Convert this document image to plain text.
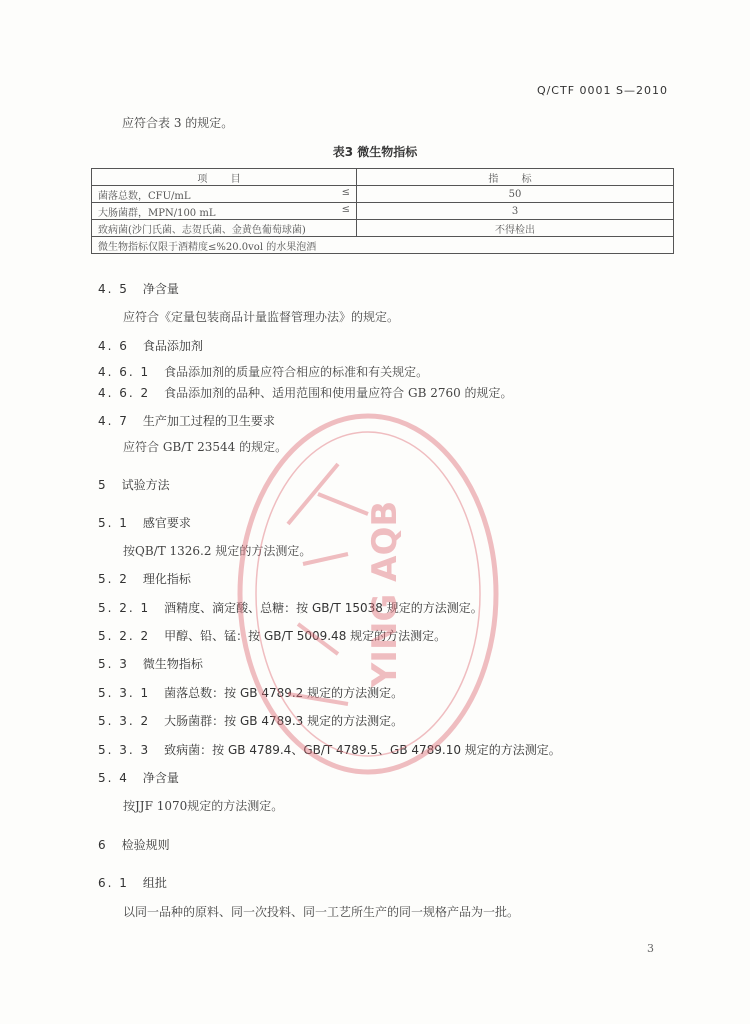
Q/CTF 0001 S—2010
应符合表 3 的规定。
表3 微生物指标
项 目	指 标

菌落总数，CFU/mL ≤	50

大肠菌群，MPN/100 mL ≤	3

致病菌(沙门氏菌、志贺氏菌、金黄色葡萄球菌)	不得检出
微生物指标仅限于酒精度≤%20.0vol 的水果泡酒	
4. 5 净含量
应符合《定量包装商品计量监督管理办法》的规定。
4. 6 食品添加剂
4. 6. 1 食品添加剂的质量应符合相应的标准和有关规定。
4. 6. 2 食品添加剂的品种、适用范围和使用量应符合 GB 2760 的规定。
4. 7 生产加工过程的卫生要求
应符合 GB/T 23544 的规定。
5 试验方法
5. 1 感官要求
按QB/T 1326.2 规定的方法测定。
5. 2 理化指标
5. 2. 1 酒精度、滴定酸、总糖：按 GB/T 15038 规定的方法测定。
5. 2. 2 甲醇、铅、锰：按 GB/T 5009.48 规定的方法测定。
5. 3 微生物指标
5. 3. 1 菌落总数：按 GB 4789.2 规定的方法测定。
5. 3. 2 大肠菌群：按 GB 4789.3 规定的方法测定。
5. 3. 3 致病菌：按 GB 4789.4、GB/T 4789.5、GB 4789.10 规定的方法测定。
5. 4 净含量
按JJF 1070规定的方法测定。
6 检验规则
6. 1 组批
以同一品种的原料、同一次投料、同一工艺所生产的同一规格产品为一批。
3
YING AQB
